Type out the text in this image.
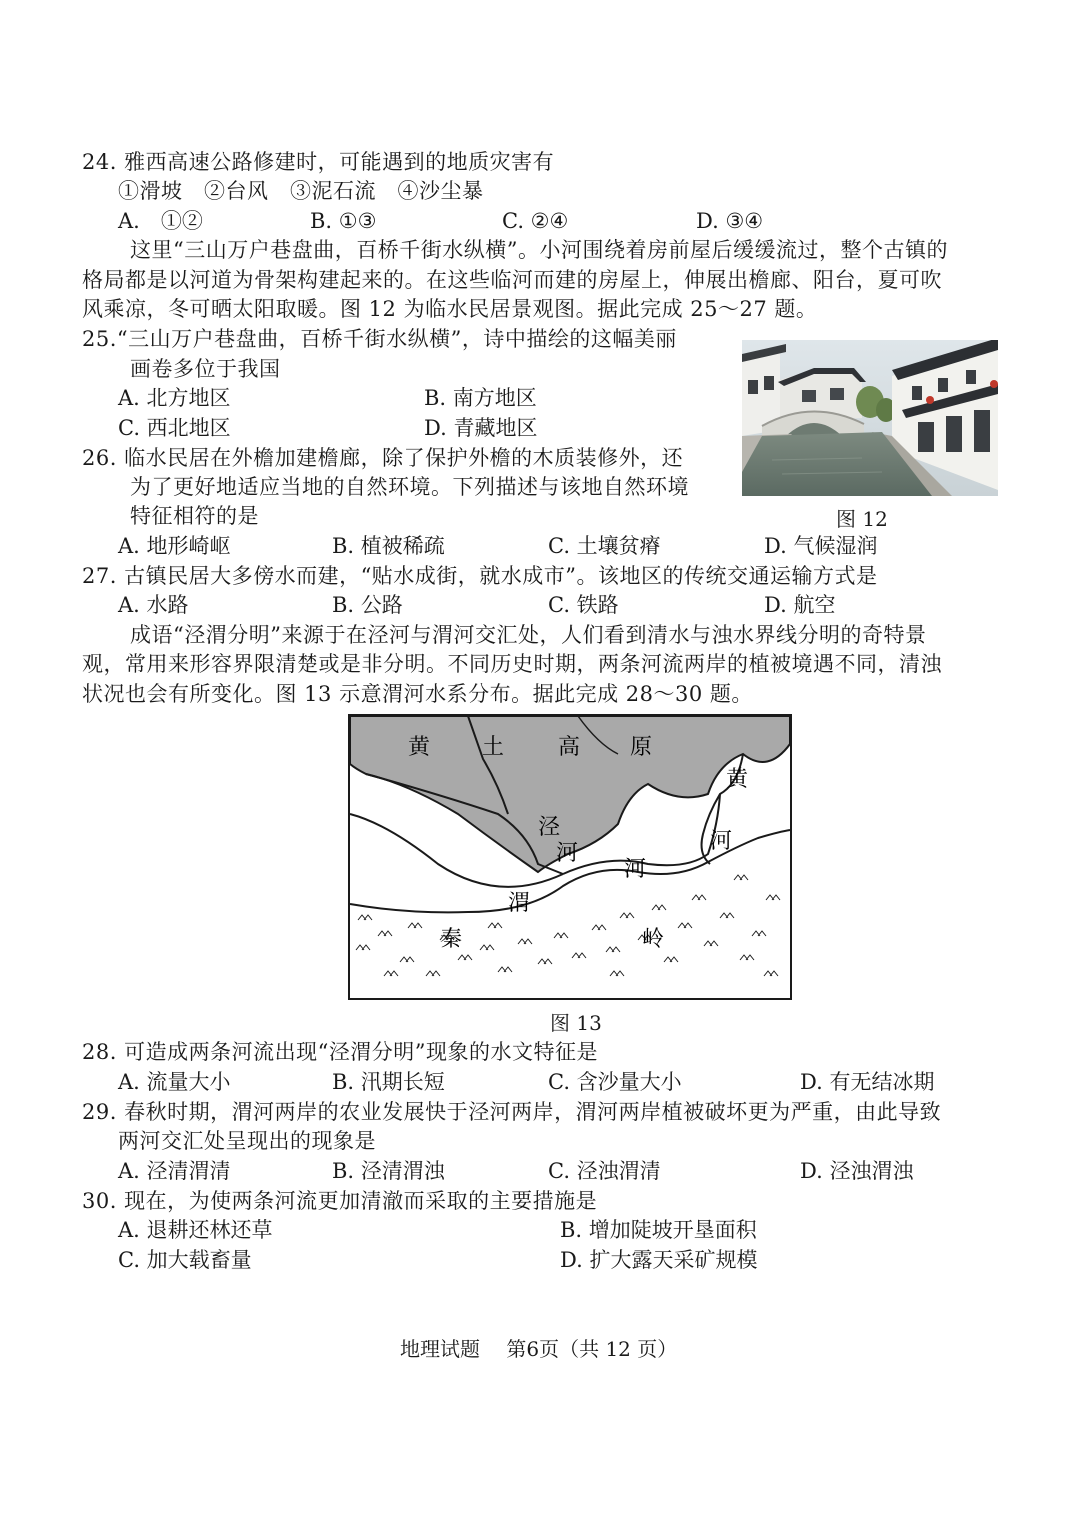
24. 雅西高速公路修建时，可能遇到的地质灾害有
①滑坡　②台风　③泥石流　④沙尘暴
A.　①②	B. ①③	C. ②④	D. ③④
这里“三山万户巷盘曲，百桥千街水纵横”。小河围绕着房前屋后缓缓流过，整个古镇的
格局都是以河道为骨架构建起来的。在这些临河而建的房屋上，伸展出檐廊、阳台，夏可吹
风乘凉，冬可晒太阳取暖。图 12 为临水民居景观图。据此完成 25～27 题。
25.“三山万户巷盘曲，百桥千街水纵横”，诗中描绘的这幅美丽
画卷多位于我国
A. 北方地区	B. 南方地区
C. 西北地区	D. 青藏地区
26. 临水民居在外檐加建檐廊，除了保护外檐的木质装修外，还
为了更好地适应当地的自然环境。下列描述与该地自然环境
特征相符的是
A. 地形崎岖	B. 植被稀疏	C. 土壤贫瘠	D. 气候湿润
图 12
27. 古镇民居大多傍水而建，“贴水成街，就水成市”。该地区的传统交通运输方式是
A. 水路	B. 公路	C. 铁路	D. 航空
成语“泾渭分明”来源于在泾河与渭河交汇处，人们看到清水与浊水界线分明的奇特景
观，常用来形容界限清楚或是非分明。不同历史时期，两条河流两岸的植被境遇不同，清浊
状况也会有所变化。图 13 示意渭河水系分布。据此完成 28～30 题。
黄 土 高 原
泾
河
渭
河
黄
河
秦	岭
图 13
28. 可造成两条河流出现“泾渭分明”现象的水文特征是
A. 流量大小	B. 汛期长短	C. 含沙量大小	D. 有无结冰期
29. 春秋时期，渭河两岸的农业发展快于泾河两岸，渭河两岸植被破坏更为严重，由此导致
两河交汇处呈现出的现象是
A. 泾清渭清	B. 泾清渭浊	C. 泾浊渭清	D. 泾浊渭浊
30. 现在，为使两条河流更加清澈而采取的主要措施是
A. 退耕还林还草	B. 增加陡坡开垦面积
C. 加大载畜量	D. 扩大露天采矿规模
地理试题　 第6页（共 12 页）
